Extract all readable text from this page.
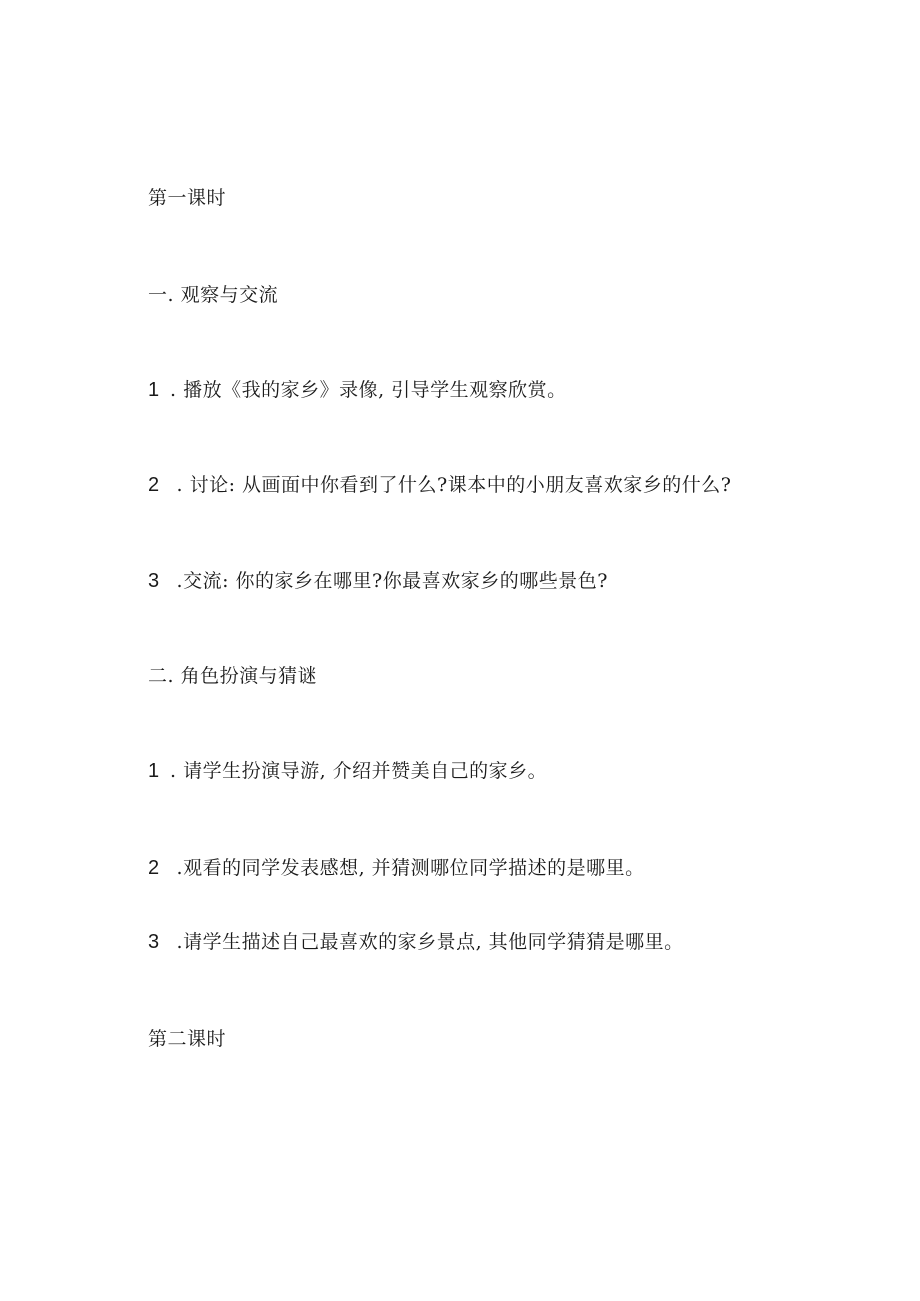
第一课时
一. 观察与交流
1 . 播放《我的家乡》录像, 引导学生观察欣赏。
2 . 讨论: 从画面中你看到了什么?课本中的小朋友喜欢家乡的什么?
3 .交流: 你的家乡在哪里?你最喜欢家乡的哪些景色?
二. 角色扮演与猜谜
1 . 请学生扮演导游, 介绍并赞美自己的家乡。
2 .观看的同学发表感想, 并猜测哪位同学描述的是哪里。
3 .请学生描述自己最喜欢的家乡景点, 其他同学猜猜是哪里。
第二课时
